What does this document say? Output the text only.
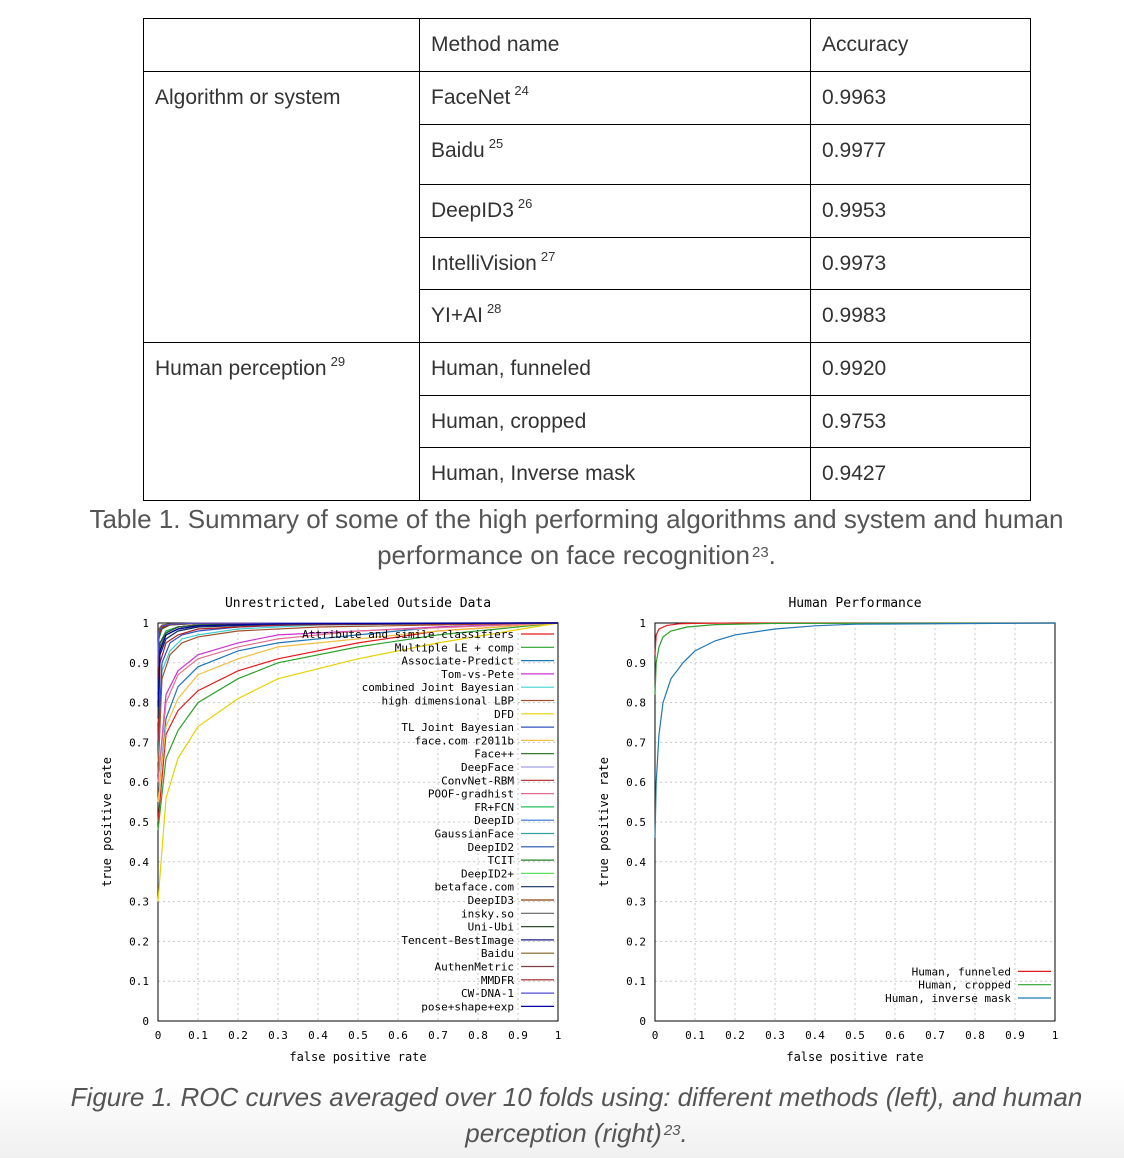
	Method name	Accuracy
Algorithm or system	FaceNet $^{24}$	0.9963
	Baidu $^{25}$	0.9977
	DeepID3 $^{26}$	0.9953
	IntelliVision $^{27}$	0.9973
	YI+AI $^{28}$	0.9983
Human perception $^{29}$	Human, funneled	0.9920
	Human, cropped	0.9753
	Human, Inverse mask	0.9427
Table 1. Summary of some of the high performing algorithms and system and human
performance on face recognition $^{23}$.
0 0.1 0.2 0.3 0.4 0.5 0.6 0.7 0.8 0.9 1
0
0.1
0.2
0.3
0.4
0.5
0.6
0.7
0.8
0.9
1
Unrestricted, Labeled Outside Data
false positive rate
true positive rate
Attribute and simile classifiers
Multiple LE + comp
Associate-Predict
Tom-vs-Pete
combined Joint Bayesian
high dimensional LBP
DFD
TL Joint Bayesian
face.com r2011b
Face++
DeepFace
ConvNet-RBM
POOF-gradhist
FR+FCN
DeepID
GaussianFace
DeepID2
TCIT
DeepID2+
betaface.com
DeepID3
insky.so
Uni-Ubi
Tencent-BestImage
Baidu
AuthenMetric
MMDFR
CW-DNA-1
pose+shape+exp
0 0.1 0.2 0.3 0.4 0.5 0.6 0.7 0.8 0.9 1
0
0.1
0.2
0.3
0.4
0.5
0.6
0.7
0.8
0.9
1
Human Performance
false positive rate
true positive rate
Human, funneled
Human, cropped
Human, inverse mask
Figure 1. ROC curves averaged over 10 folds using: different methods (left), and human
perception (right) $^{23}$.
